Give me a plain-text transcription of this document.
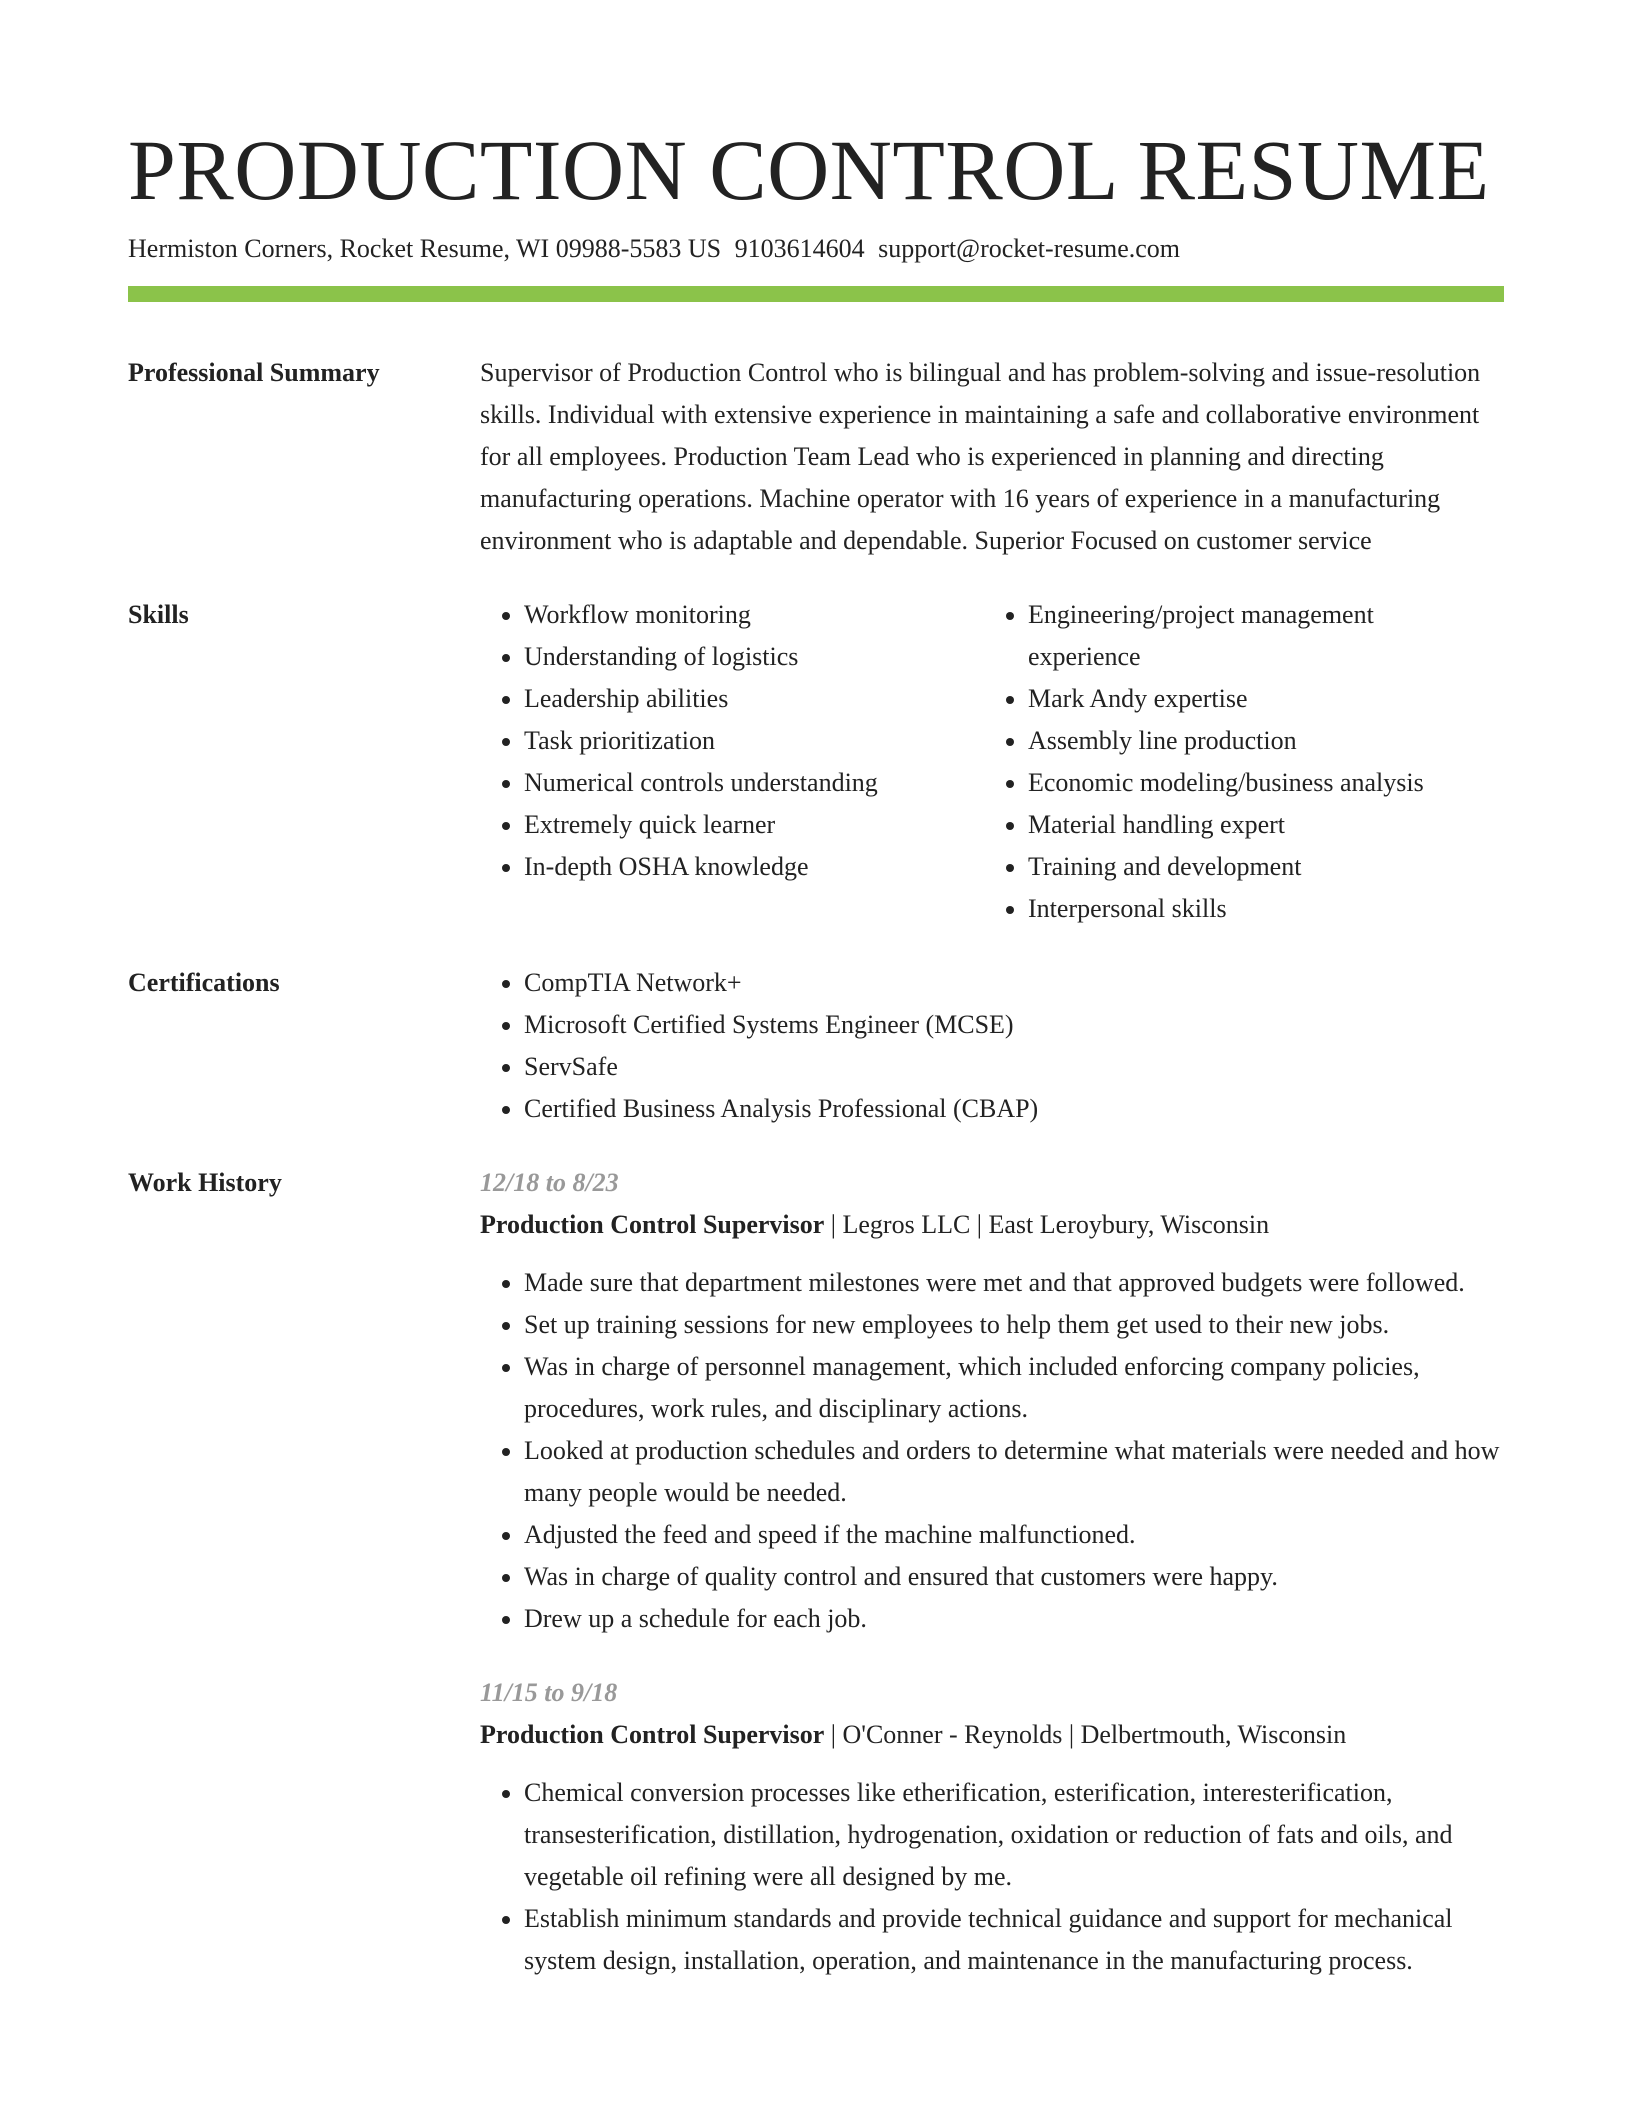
PRODUCTION CONTROL RESUME
Hermiston Corners, Rocket Resume, WI 09988-5583 US 9103614604 support@rocket-resume.com
Professional Summary	Supervisor of Production Control who is bilingual and has problem-solving and issue-resolution skills. Individual with extensive experience in maintaining a safe and collaborative environment for all employees. Production Team Lead who is experienced in planning and directing manufacturing operations. Machine operator with 16 years of experience in a manufacturing environment who is adaptable and dependable. Superior Focused on customer service
Skills	• Workflow monitoring
• Understanding of logistics
• Leadership abilities
• Task prioritization
• Numerical controls understanding
• Extremely quick learner
• In-depth OSHA knowledge
• Engineering/project management experience
• Mark Andy expertise
• Assembly line production
• Economic modeling/business analysis
• Material handling expert
• Training and development
• Interpersonal skills
Certifications	• CompTIA Network+
• Microsoft Certified Systems Engineer (MCSE)
• ServSafe
• Certified Business Analysis Professional (CBAP)
Work History	12/18 to 8/23
Production Control Supervisor | Legros LLC | East Leroybury, Wisconsin
• Made sure that department milestones were met and that approved budgets were followed.
• Set up training sessions for new employees to help them get used to their new jobs.
• Was in charge of personnel management, which included enforcing company policies, procedures, work rules, and disciplinary actions.
• Looked at production schedules and orders to determine what materials were needed and how many people would be needed.
• Adjusted the feed and speed if the machine malfunctioned.
• Was in charge of quality control and ensured that customers were happy.
• Drew up a schedule for each job.
11/15 to 9/18
Production Control Supervisor | O'Conner - Reynolds | Delbertmouth, Wisconsin
• Chemical conversion processes like etherification, esterification, interesterification, transesterification, distillation, hydrogenation, oxidation or reduction of fats and oils, and vegetable oil refining were all designed by me.
• Establish minimum standards and provide technical guidance and support for mechanical system design, installation, operation, and maintenance in the manufacturing process.
